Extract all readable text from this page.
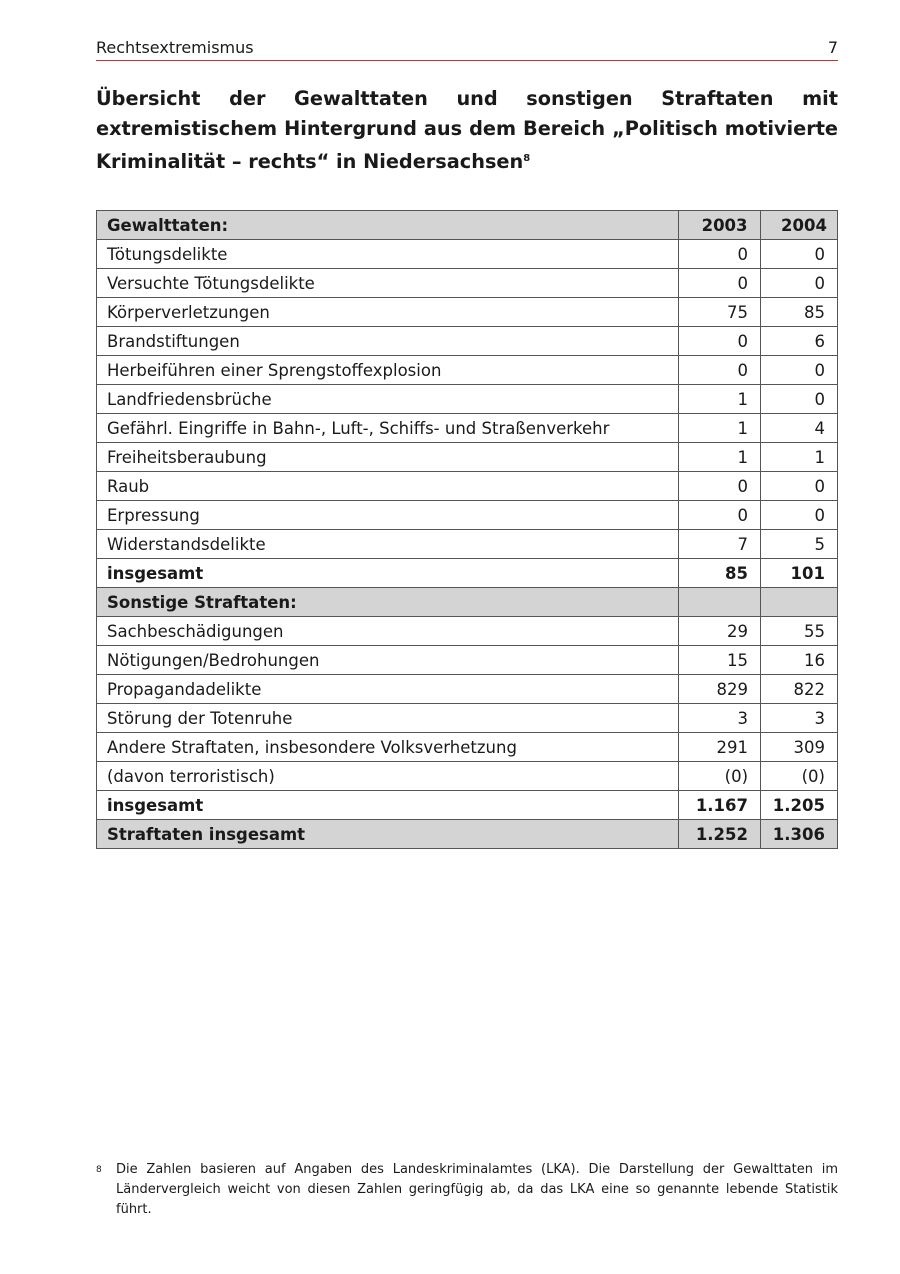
Rechtsextremismus	7
Übersicht der Gewalttaten und sonstigen Straftaten mit extremistischem Hintergrund aus dem Bereich „Politisch motivierte Kriminalität – rechts“ in Niedersachsen$^8$
Gewalttaten:	2003	2004
Tötungsdelikte	0	0
Versuchte Tötungsdelikte	0	0
Körperverletzungen	75	85
Brandstiftungen	0	6
Herbeiführen einer Sprengstoffexplosion	0	0
Landfriedensbrüche	1	0
Gefährl. Eingriffe in Bahn-, Luft-, Schiffs- und Straßenverkehr	1	4
Freiheitsberaubung	1	1
Raub	0	0
Erpressung	0	0
Widerstandsdelikte	7	5
insgesamt	85	101
Sonstige Straftaten:		
Sachbeschädigungen	29	55
Nötigungen/Bedrohungen	15	16
Propagandadelikte	829	822
Störung der Totenruhe	3	3
Andere Straftaten, insbesondere Volksverhetzung	291	309
(davon terroristisch)	(0)	(0)
insgesamt	1.167	1.205
Straftaten insgesamt	1.252	1.306
8 Die Zahlen basieren auf Angaben des Landeskriminalamtes (LKA). Die Darstellung der Gewalttaten im Ländervergleich weicht von diesen Zahlen geringfügig ab, da das LKA eine so genannte lebende Statistik führt.
